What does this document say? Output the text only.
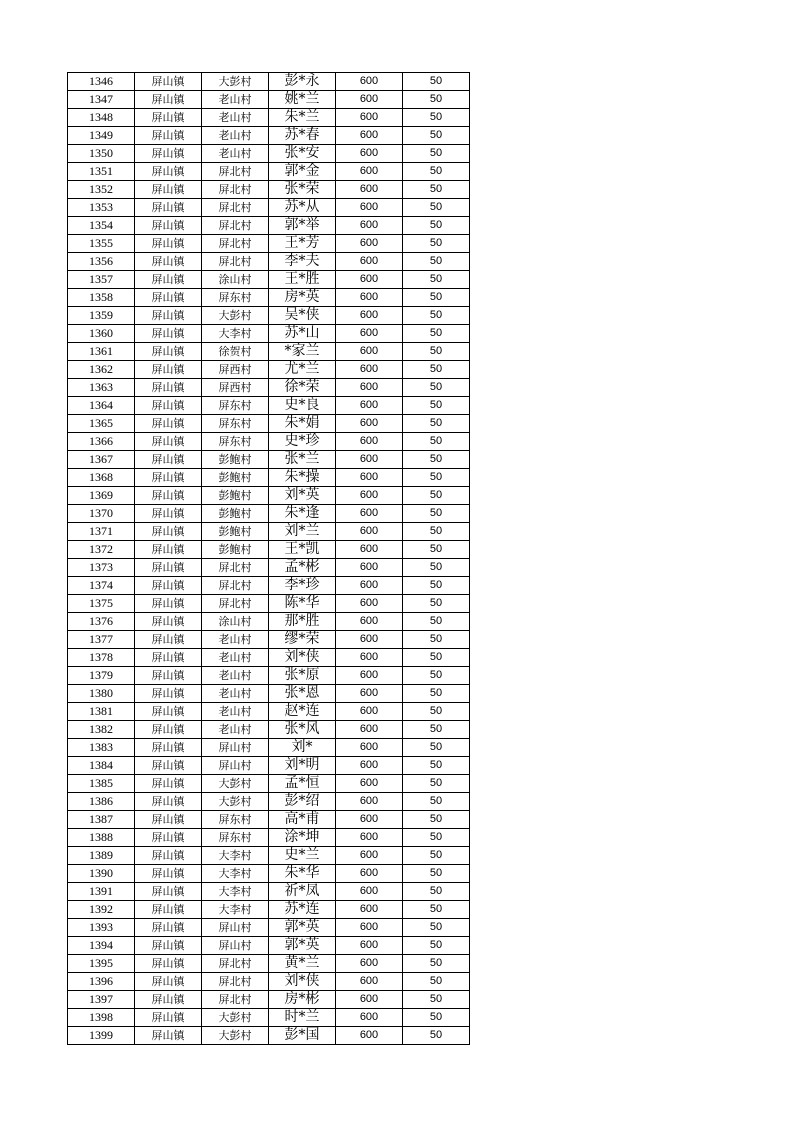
1346	屏山镇	大彭村	彭*永	600	50
1347	屏山镇	老山村	姚*兰	600	50
1348	屏山镇	老山村	朱*兰	600	50
1349	屏山镇	老山村	苏*春	600	50
1350	屏山镇	老山村	张*安	600	50
1351	屏山镇	屏北村	郭*金	600	50
1352	屏山镇	屏北村	张*荣	600	50
1353	屏山镇	屏北村	苏*从	600	50
1354	屏山镇	屏北村	郭*举	600	50
1355	屏山镇	屏北村	王*芳	600	50
1356	屏山镇	屏北村	李*夫	600	50
1357	屏山镇	涂山村	王*胜	600	50
1358	屏山镇	屏东村	房*英	600	50
1359	屏山镇	大彭村	吴*侠	600	50
1360	屏山镇	大李村	苏*山	600	50
1361	屏山镇	徐贺村	*家兰	600	50
1362	屏山镇	屏西村	尤*兰	600	50
1363	屏山镇	屏西村	徐*荣	600	50
1364	屏山镇	屏东村	史*良	600	50
1365	屏山镇	屏东村	朱*娟	600	50
1366	屏山镇	屏东村	史*珍	600	50
1367	屏山镇	彭鲍村	张*兰	600	50
1368	屏山镇	彭鲍村	朱*操	600	50
1369	屏山镇	彭鲍村	刘*英	600	50
1370	屏山镇	彭鲍村	朱*逢	600	50
1371	屏山镇	彭鲍村	刘*兰	600	50
1372	屏山镇	彭鲍村	王*凯	600	50
1373	屏山镇	屏北村	孟*彬	600	50
1374	屏山镇	屏北村	李*珍	600	50
1375	屏山镇	屏北村	陈*华	600	50
1376	屏山镇	涂山村	那*胜	600	50
1377	屏山镇	老山村	缪*荣	600	50
1378	屏山镇	老山村	刘*侠	600	50
1379	屏山镇	老山村	张*原	600	50
1380	屏山镇	老山村	张*恩	600	50
1381	屏山镇	老山村	赵*连	600	50
1382	屏山镇	老山村	张*风	600	50
1383	屏山镇	屏山村	刘*	600	50
1384	屏山镇	屏山村	刘*明	600	50
1385	屏山镇	大彭村	孟*恒	600	50
1386	屏山镇	大彭村	彭*绍	600	50
1387	屏山镇	屏东村	高*甫	600	50
1388	屏山镇	屏东村	涂*坤	600	50
1389	屏山镇	大李村	史*兰	600	50
1390	屏山镇	大李村	朱*华	600	50
1391	屏山镇	大李村	祈*凤	600	50
1392	屏山镇	大李村	苏*连	600	50
1393	屏山镇	屏山村	郭*英	600	50
1394	屏山镇	屏山村	郭*英	600	50
1395	屏山镇	屏北村	黄*兰	600	50
1396	屏山镇	屏北村	刘*侠	600	50
1397	屏山镇	屏北村	房*彬	600	50
1398	屏山镇	大彭村	时*兰	600	50
1399	屏山镇	大彭村	彭*国	600	50
